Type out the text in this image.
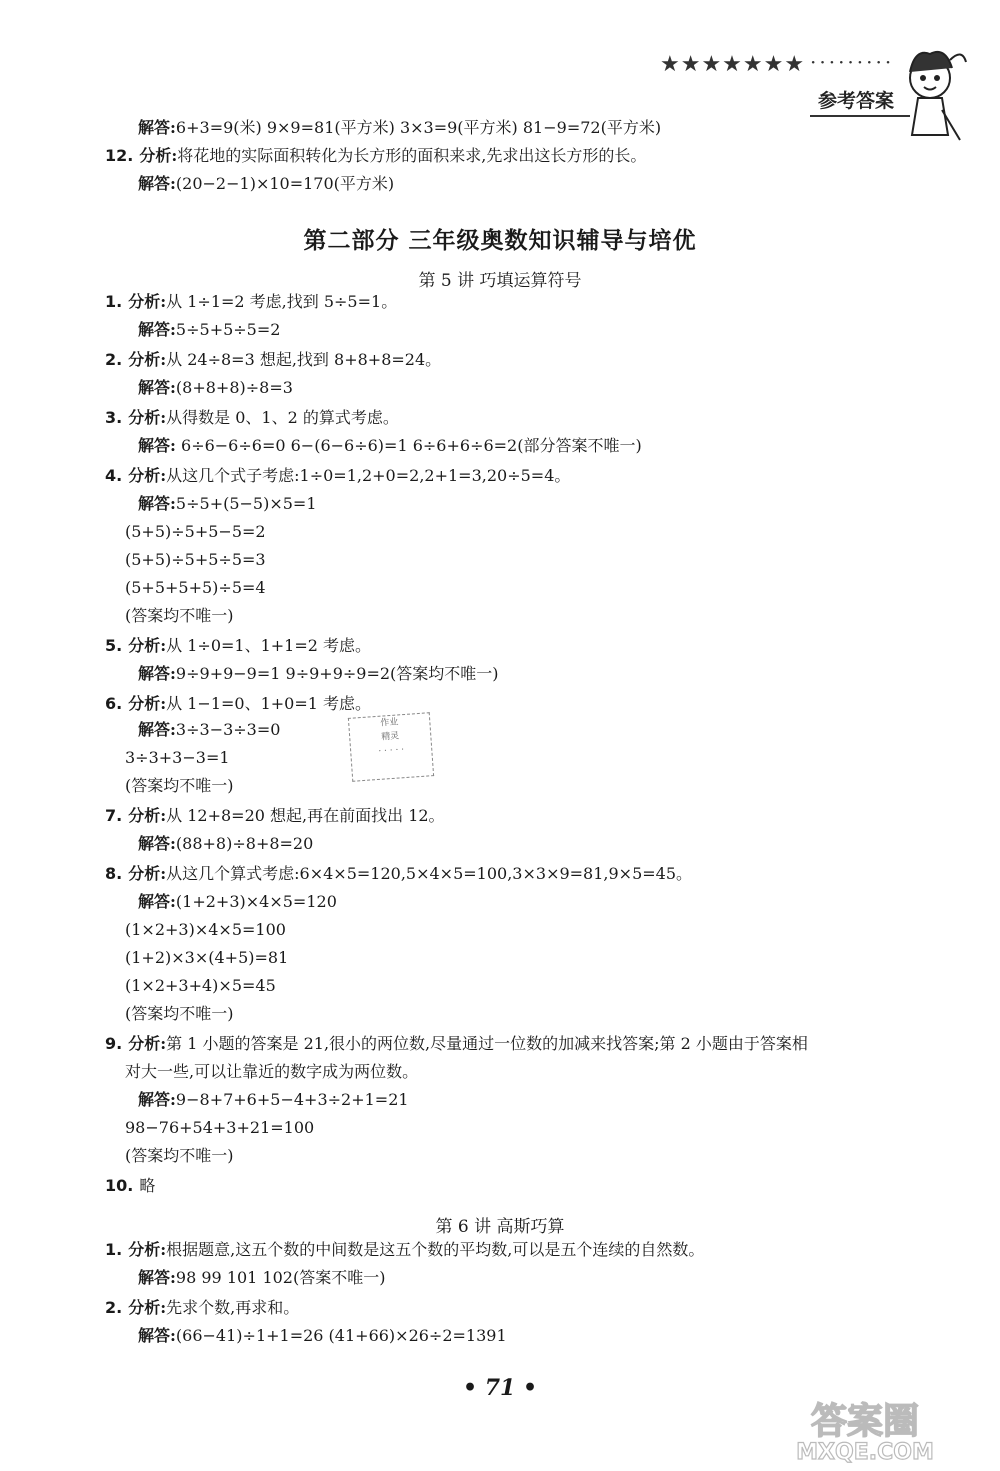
★★★★★★★ ·········
参考答案
解答:6+3=9(米) 9×9=81(平方米) 3×3=9(平方米) 81−9=72(平方米)
12. 分析:将花地的实际面积转化为长方形的面积来求,先求出这长方形的长。
解答:(20−2−1)×10=170(平方米)
第二部分 三年级奥数知识辅导与培优
第 5 讲 巧填运算符号
1. 分析:从 1÷1=2 考虑,找到 5÷5=1。
解答:5÷5+5÷5=2
2. 分析:从 24÷8=3 想起,找到 8+8+8=24。
解答:(8+8+8)÷8=3
3. 分析:从得数是 0、1、2 的算式考虑。
解答: 6÷6−6÷6=0 6−(6−6÷6)=1 6÷6+6÷6=2(部分答案不唯一)
4. 分析:从这几个式子考虑:1÷0=1,2+0=2,2+1=3,20÷5=4。
解答:5÷5+(5−5)×5=1
(5+5)÷5+5−5=2
(5+5)÷5+5÷5=3
(5+5+5+5)÷5=4
(答案均不唯一)
5. 分析:从 1÷0=1、1+1=2 考虑。
解答:9÷9+9−9=1 9÷9+9÷9=2(答案均不唯一)
6. 分析:从 1−1=0、1+0=1 考虑。
解答:3÷3−3÷3=0
3÷3+3−3=1
(答案均不唯一)
作业
精灵
· · · · ·
7. 分析:从 12+8=20 想起,再在前面找出 12。
解答:(88+8)÷8+8=20
8. 分析:从这几个算式考虑:6×4×5=120,5×4×5=100,3×3×9=81,9×5=45。
解答:(1+2+3)×4×5=120
(1×2+3)×4×5=100
(1+2)×3×(4+5)=81
(1×2+3+4)×5=45
(答案均不唯一)
9. 分析:第 1 小题的答案是 21,很小的两位数,尽量通过一位数的加减来找答案;第 2 小题由于答案相
对大一些,可以让靠近的数字成为两位数。
解答:9−8+7+6+5−4+3÷2+1=21
98−76+54+3+21=100
(答案均不唯一)
10. 略
第 6 讲 高斯巧算
1. 分析:根据题意,这五个数的中间数是这五个数的平均数,可以是五个连续的自然数。
解答:98 99 101 102(答案不唯一)
2. 分析:先求个数,再求和。
解答:(66−41)÷1+1=26 (41+66)×26÷2=1391
• 71 •
答案圈
MXQE.COM
